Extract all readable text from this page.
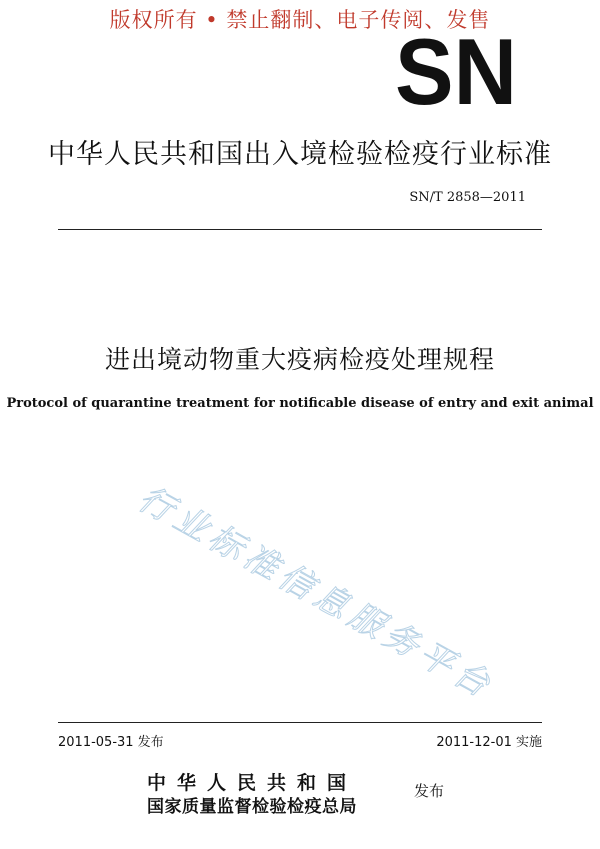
版权所有 • 禁止翻制、电子传阅、发售
SN
中华人民共和国出入境检验检疫行业标准
SN/T 2858—2011
进出境动物重大疫病检疫处理规程
Protocol of quarantine treatment for notificable disease of entry and exit animal
行业标准信息服务平台
2011-05-31 发布	2011-12-01 实施
中华人民共和国
国家质量监督检验检疫总局
发布
